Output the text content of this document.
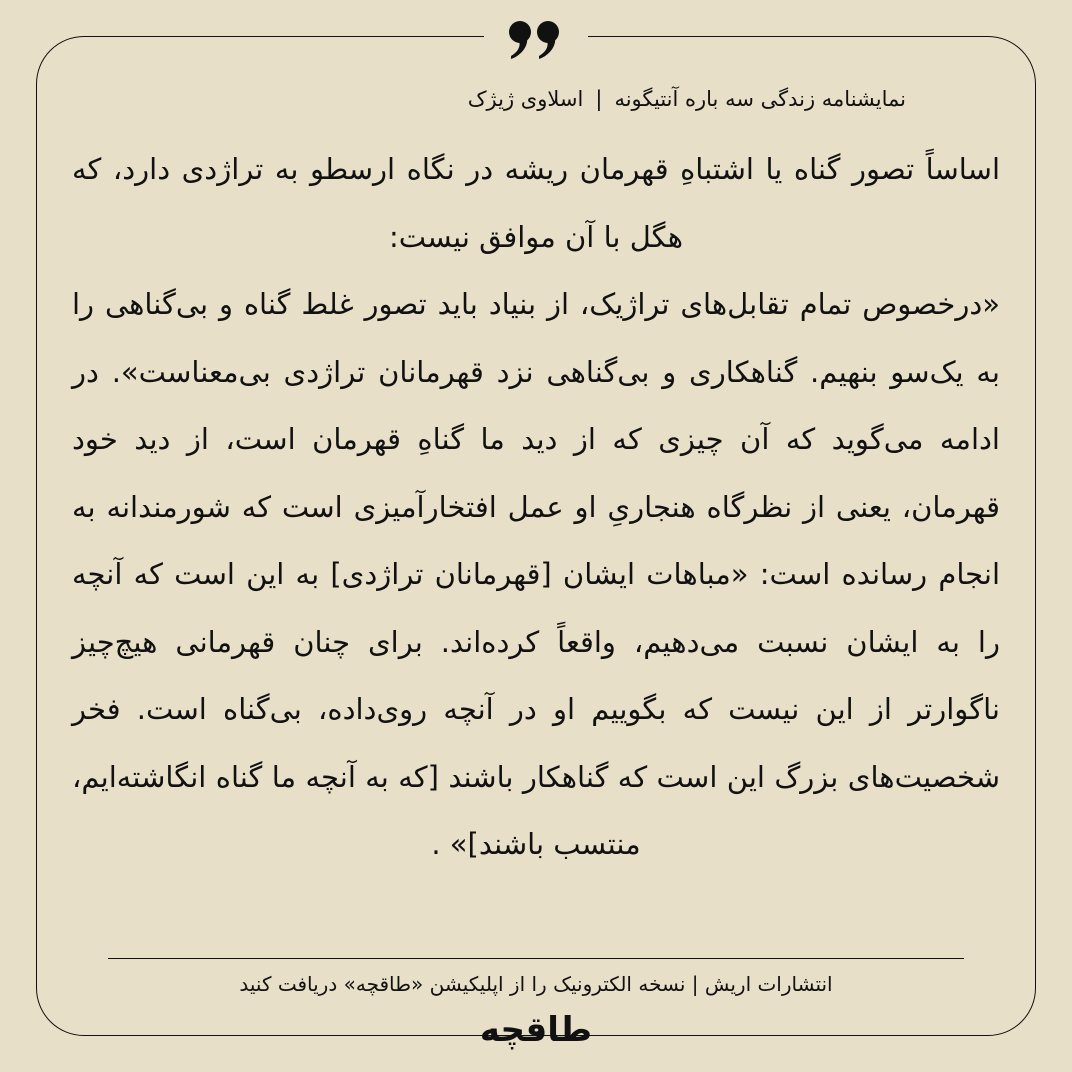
نمایشنامه زندگی سه باره آنتیگونه|اسلاوی ژیژک

اساساً تصور گناه یا اشتباهِ قهرمان ریشه در نگاه ارسطو به تراژدی دارد، که هگل با آن موافق نیست:

«درخصوص تمام تقابل‌های تراژیک، از بنیاد باید تصور غلط گناه و بی‌گناهی را به یک‌سو بنهیم. گناهکاری و بی‌گناهی نزد قهرمانان تراژدی بی‌معناست». در ادامه می‌گوید که آن چیزی که از دید ما گناهِ قهرمان است، از دید خود قهرمان، یعنی از نظرگاه هنجاریِ او عمل افتخارآمیزی است که شورمندانه به انجام رسانده است: «مباهات ایشان [قهرمانان تراژدی] به این است که آنچه را به ایشان نسبت می‌دهیم، واقعاً کرده‌اند. برای چنان قهرمانی هیچ‌چیز ناگوارتر از این نیست که بگوییم او در آنچه روی‌داده، بی‌گناه است. فخر شخصیت‌های بزرگ این است که گناهکار باشند [که به آنچه ما گناه انگاشته‌ایم، منتسب باشند]» .

انتشارات اریش | نسخه الکترونیک را از اپلیکیشن «طاقچه» دریافت کنید
طاقچه
